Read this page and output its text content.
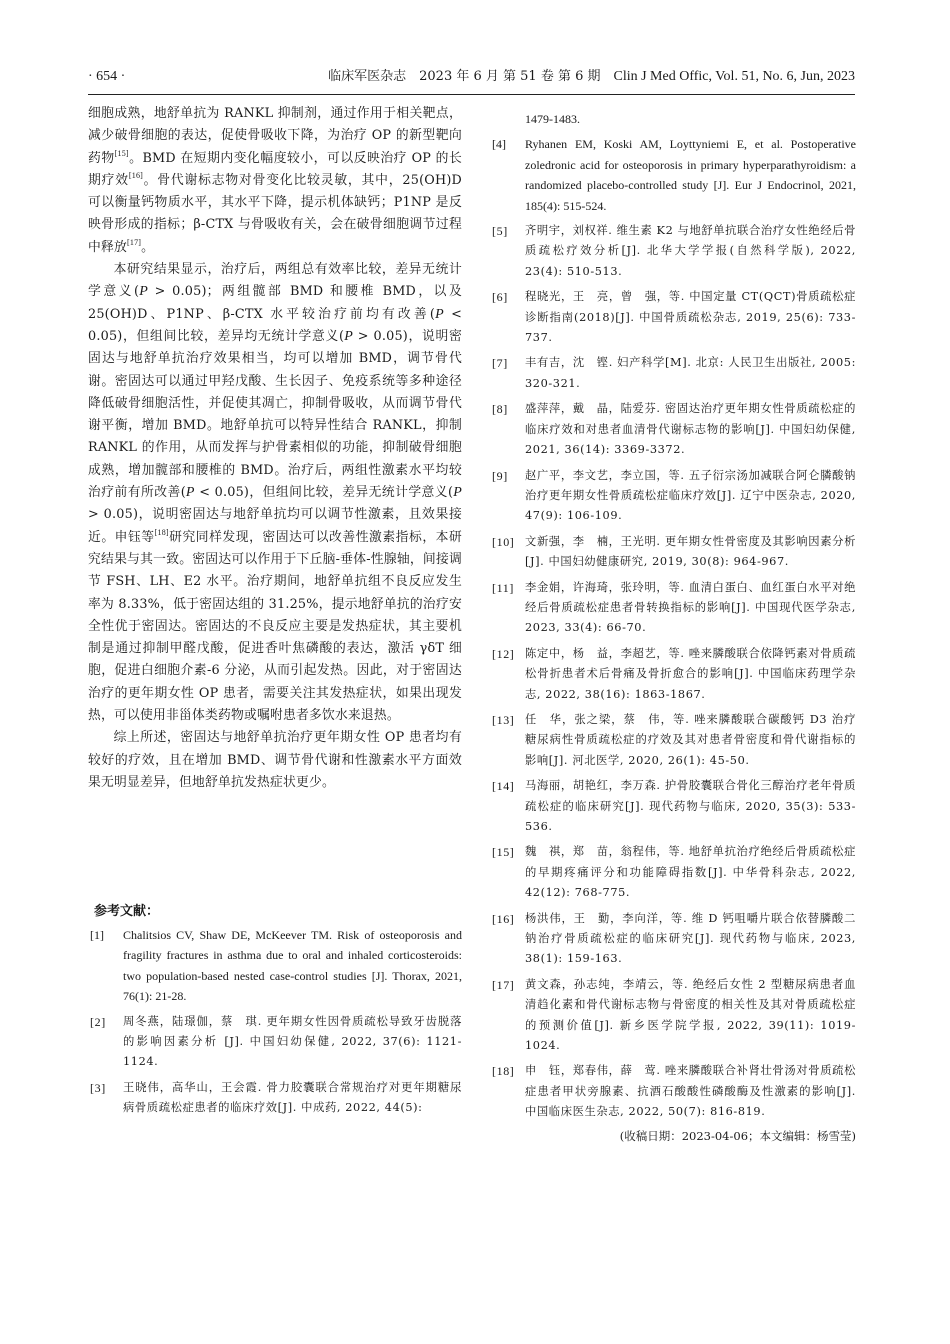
· 654 ·	临床军医杂志　2023 年 6 月 第 51 卷 第 6 期　Clin J Med Offic, Vol. 51, No. 6, Jun, 2023

细胞成熟，地舒单抗为 RANKL 抑制剂，通过作用于相关靶点，减少破骨细胞的表达，促使骨吸收下降，为治疗 OP 的新型靶向药物[15]。BMD 在短期内变化幅度较小，可以反映治疗 OP 的长期疗效[16]。骨代谢标志物对骨变化比较灵敏，其中，25(OH)D 可以衡量钙物质水平，其水平下降，提示机体缺钙；P1NP 是反映骨形成的指标；β-CTX 与骨吸收有关，会在破骨细胞调节过程中释放[17]。

本研究结果显示，治疗后，两组总有效率比较，差异无统计学意义(P > 0.05)；两组髋部 BMD 和腰椎 BMD，以及 25(OH)D、P1NP、β-CTX 水平较治疗前均有改善(P < 0.05)，但组间比较，差异均无统计学意义(P > 0.05)，说明密固达与地舒单抗治疗效果相当，均可以增加 BMD，调节骨代谢。密固达可以通过甲羟戊酸、生长因子、免疫系统等多种途径降低破骨细胞活性，并促使其凋亡，抑制骨吸收，从而调节骨代谢平衡，增加 BMD。地舒单抗可以特异性结合 RANKL，抑制 RANKL 的作用，从而发挥与护骨素相似的功能，抑制破骨细胞成熟，增加髋部和腰椎的 BMD。治疗后，两组性激素水平均较治疗前有所改善(P < 0.05)，但组间比较，差异无统计学意义(P > 0.05)，说明密固达与地舒单抗均可以调节性激素，且效果接近。申钰等[18]研究同样发现，密固达可以改善性激素指标，本研究结果与其一致。密固达可以作用于下丘脑-垂体-性腺轴，间接调节 FSH、LH、E2 水平。治疗期间，地舒单抗组不良反应发生率为 8.33%，低于密固达组的 31.25%，提示地舒单抗的治疗安全性优于密固达。密固达的不良反应主要是发热症状，其主要机制是通过抑制甲醛戊酸，促进香叶焦磷酸的表达，激活 γδT 细胞，促进白细胞介素-6 分泌，从而引起发热。因此，对于密固达治疗的更年期女性 OP 患者，需要关注其发热症状，如果出现发热，可以使用非甾体类药物或嘱咐患者多饮水来退热。

综上所述，密固达与地舒单抗治疗更年期女性 OP 患者均有较好的疗效，且在增加 BMD、调节骨代谢和性激素水平方面效果无明显差异，但地舒单抗发热症状更少。

参考文献：
[1] Chalitsios CV, Shaw DE, McKeever TM. Risk of osteoporosis and fragility fractures in asthma due to oral and inhaled corticosteroids: two population-based nested case-control studies [J]. Thorax, 2021, 76(1): 21-28.
[2] 周冬燕，陆璟伽，蔡　琪. 更年期女性因骨质疏松导致牙齿脱落的影响因素分析 [J]. 中国妇幼保健, 2022, 37(6): 1121-1124.
[3] 王晓伟，高华山，王会霞. 骨力胶囊联合常规治疗对更年期糖尿病骨质疏松症患者的临床疗效[J]. 中成药, 2022, 44(5):
1479-1483.
[4] Ryhanen EM, Koski AM, Loyttyniemi E, et al. Postoperative zoledronic acid for osteoporosis in primary hyperparathyroidism: a randomized placebo-controlled study [J]. Eur J Endocrinol, 2021, 185(4): 515-524.
[5] 齐明宇，刘权祥. 维生素 K2 与地舒单抗联合治疗女性绝经后骨质疏松疗效分析[J]. 北华大学学报(自然科学版), 2022, 23(4): 510-513.
[6] 程晓光，王　亮，曾　强，等. 中国定量 CT(QCT)骨质疏松症诊断指南(2018)[J]. 中国骨质疏松杂志, 2019, 25(6): 733-737.
[7] 丰有吉，沈　铿. 妇产科学[M]. 北京: 人民卫生出版社, 2005: 320-321.
[8] 盛萍萍，戴　晶，陆爱芬. 密固达治疗更年期女性骨质疏松症的临床疗效和对患者血清骨代谢标志物的影响[J]. 中国妇幼保健, 2021, 36(14): 3369-3372.
[9] 赵广平，李文艺，李立国，等. 五子衍宗汤加减联合阿仑膦酸钠治疗更年期女性骨质疏松症临床疗效[J]. 辽宁中医杂志, 2020, 47(9): 106-109.
[10] 文新强，李　楠，王光明. 更年期女性骨密度及其影响因素分析[J]. 中国妇幼健康研究, 2019, 30(8): 964-967.
[11] 李金娟，许海琦，张玲明，等. 血清白蛋白、血红蛋白水平对绝经后骨质疏松症患者骨转换指标的影响[J]. 中国现代医学杂志, 2023, 33(4): 66-70.
[12] 陈定中，杨　益，李超艺，等. 唑来膦酸联合依降钙素对骨质疏松骨折患者术后骨痛及骨折愈合的影响[J]. 中国临床药理学杂志, 2022, 38(16): 1863-1867.
[13] 任　华，张之梁，蔡　伟，等. 唑来膦酸联合碳酸钙 D3 治疗糖尿病性骨质疏松症的疗效及其对患者骨密度和骨代谢指标的影响[J]. 河北医学, 2020, 26(1): 45-50.
[14] 马海丽，胡艳红，李万森. 护骨胶囊联合骨化三醇治疗老年骨质疏松症的临床研究[J]. 现代药物与临床, 2020, 35(3): 533-536.
[15] 魏　祺，郑　苗，翁程伟，等. 地舒单抗治疗绝经后骨质疏松症的早期疼痛评分和功能障碍指数[J]. 中华骨科杂志, 2022, 42(12): 768-775.
[16] 杨洪伟，王　勤，李向洋，等. 维 D 钙咀嚼片联合依替膦酸二钠治疗骨质疏松症的临床研究[J]. 现代药物与临床, 2023, 38(1): 159-163.
[17] 黄文森，孙志纯，李靖云，等. 绝经后女性 2 型糖尿病患者血清趋化素和骨代谢标志物与骨密度的相关性及其对骨质疏松症的预测价值[J]. 新乡医学院学报, 2022, 39(11): 1019-1024.
[18] 申　钰，郑春伟，薛　莺. 唑来膦酸联合补肾壮骨汤对骨质疏松症患者甲状旁腺素、抗酒石酸酸性磷酸酶及性激素的影响[J]. 中国临床医生杂志, 2022, 50(7): 816-819.
(收稿日期：2023-04-06；本文编辑：杨雪莹)
